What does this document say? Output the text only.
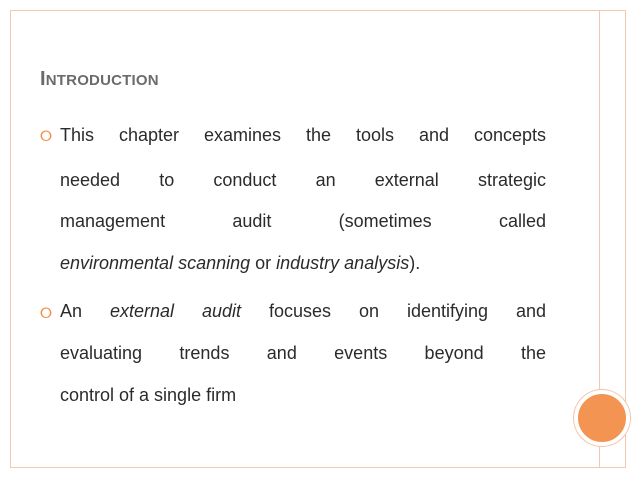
INTRODUCTION
⭘ This chapter examines the tools and concepts
needed to conduct an external strategic
management audit (sometimes called
environmental scanning or industry analysis).
⭘ An external audit focuses on identifying and
evaluating trends and events beyond the
control of a single firm
